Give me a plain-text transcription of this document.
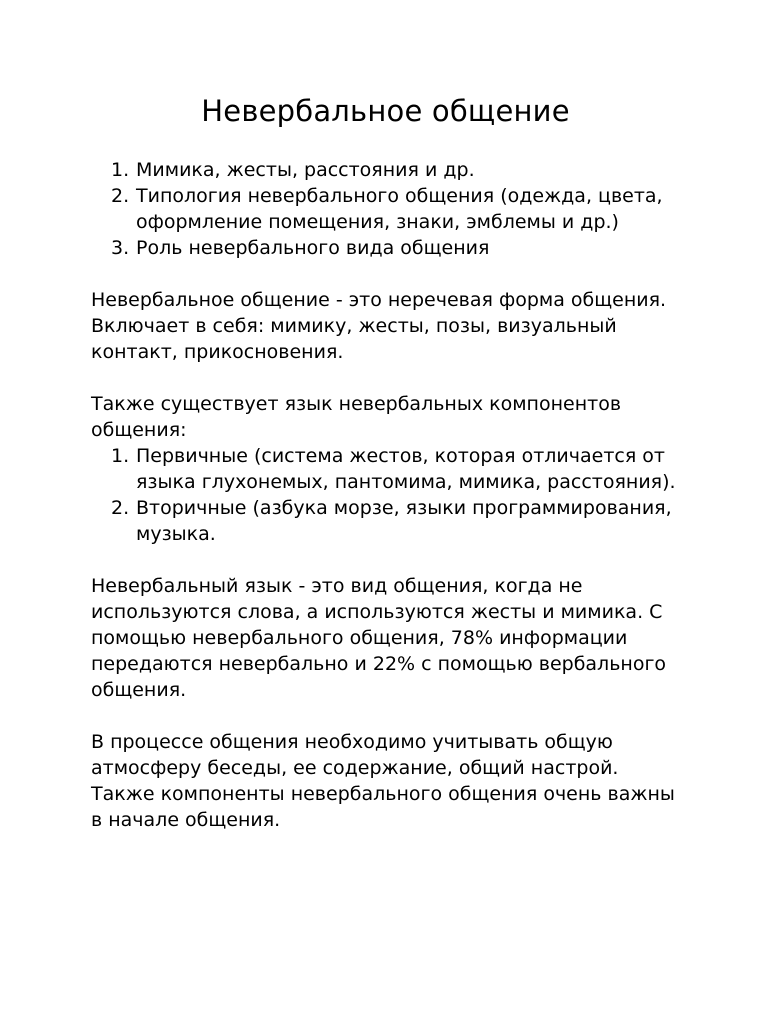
Невербальное общение
1. Мимика, жесты, расстояния и др.
2. Типология невербального общения (одежда, цвета, оформление помещения, знаки, эмблемы и др.)
3. Роль невербального вида общения

Невербальное общение - это неречевая форма общения. Включает в себя: мимику, жесты, позы, визуальный контакт, прикосновения.

Также существует язык невербальных компонентов общения:

1. Первичные (система жестов, которая отличается от языка глухонемых, пантомима, мимика, расстояния).
2. Вторичные (азбука морзе, языки программирования, музыка.

Невербальный язык - это вид общения, когда не используются слова, а используются жесты и мимика. С помощью невербального общения, 78% информации передаются невербально и 22% с помощью вербального общения.

В процессе общения необходимо учитывать общую атмосферу беседы, ее содержание, общий настрой. Также компоненты невербального общения очень важны в начале общения.
